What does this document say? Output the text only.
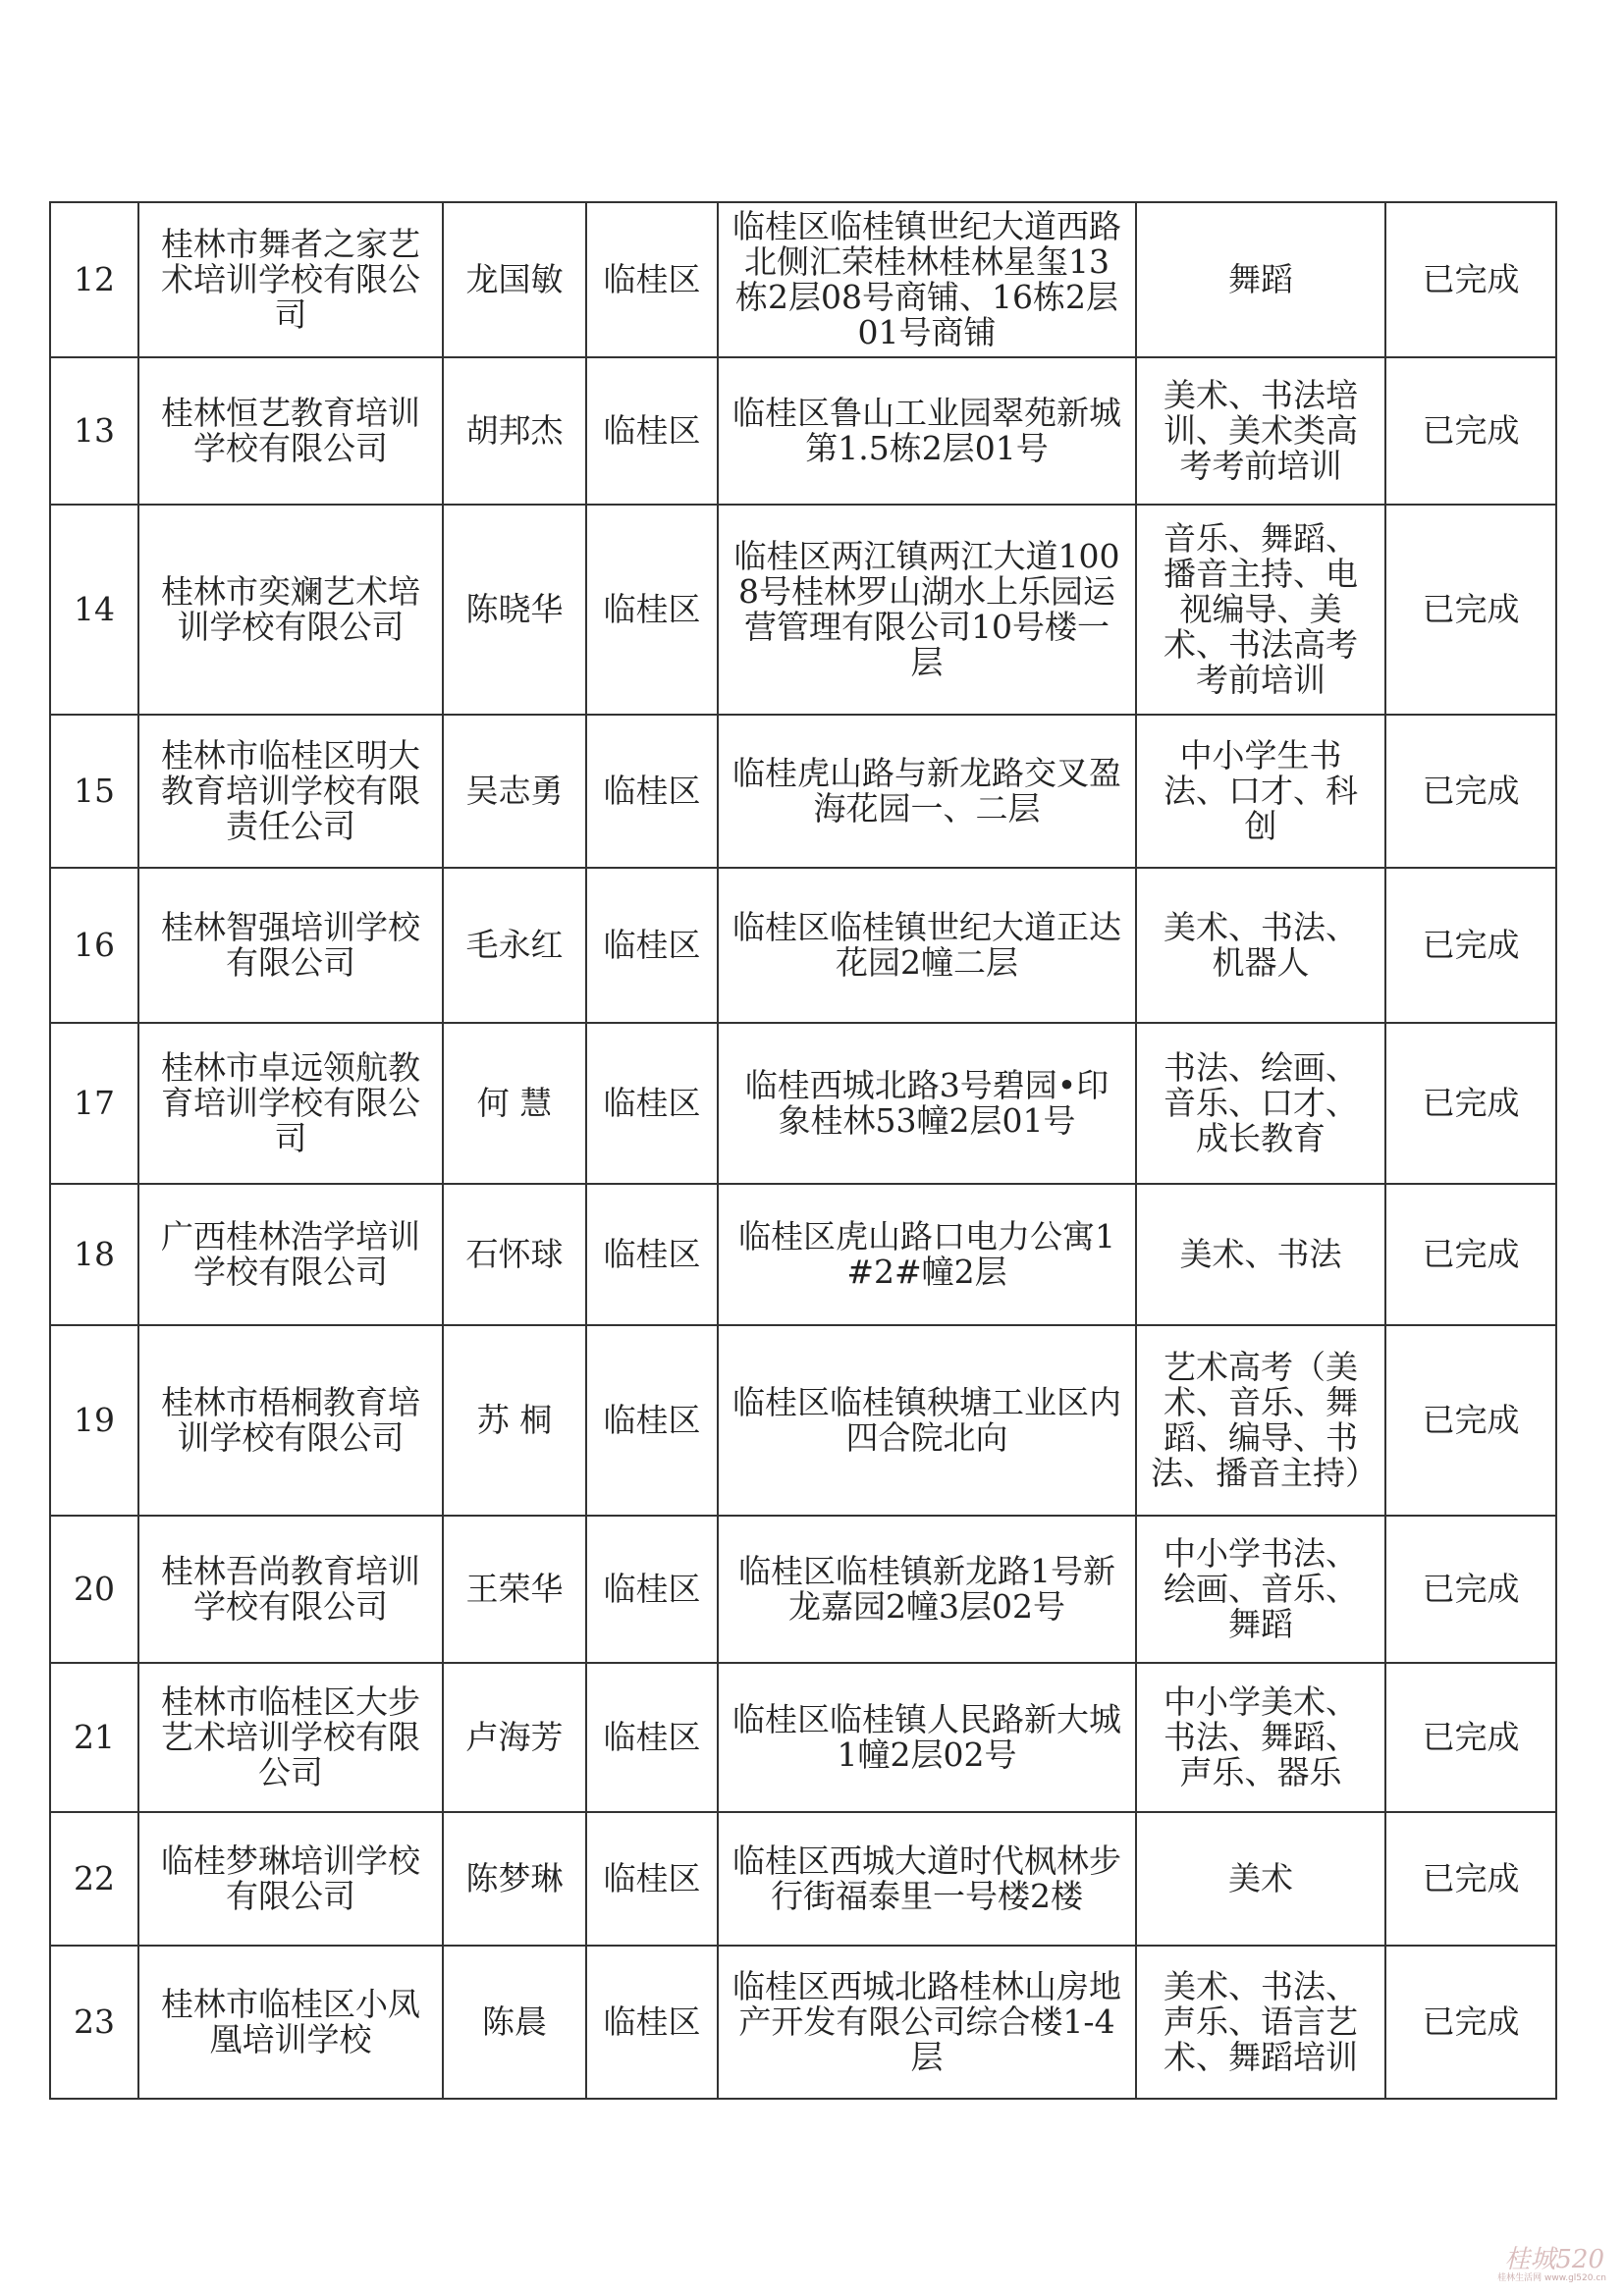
12	桂林市舞者之家艺术培训学校有限公司	龙国敏	临桂区	临桂区临桂镇世纪大道西路北侧汇荣桂林桂林星玺13栋2层08号商铺、16栋2层01号商铺	舞蹈	已完成
13	桂林恒艺教育培训学校有限公司	胡邦杰	临桂区	临桂区鲁山工业园翠苑新城第1.5栋2层01号	美术、书法培训、美术类高考考前培训	已完成
14	桂林市奕斓艺术培训学校有限公司	陈晓华	临桂区	临桂区两江镇两江大道1008号桂林罗山湖水上乐园运营管理有限公司10号楼一层	音乐、舞蹈、播音主持、电视编导、美术、书法高考考前培训	已完成
15	桂林市临桂区明大教育培训学校有限责任公司	吴志勇	临桂区	临桂虎山路与新龙路交叉盈海花园一、二层	中小学生书法、口才、科创	已完成
16	桂林智强培训学校有限公司	毛永红	临桂区	临桂区临桂镇世纪大道正达花园2幢二层	美术、书法、机器人	已完成
17	桂林市卓远领航教育培训学校有限公司	何 慧	临桂区	临桂西城北路3号碧园•印象桂林53幢2层01号	书法、绘画、音乐、口才、成长教育	已完成
18	广西桂林浩学培训学校有限公司	石怀球	临桂区	临桂区虎山路口电力公寓1#2#幢2层	美术、书法	已完成
19	桂林市梧桐教育培训学校有限公司	苏 桐	临桂区	临桂区临桂镇秧塘工业区内四合院北向	艺术高考（美术、音乐、舞蹈、编导、书法、播音主持）	已完成
20	桂林吾尚教育培训学校有限公司	王荣华	临桂区	临桂区临桂镇新龙路1号新龙嘉园2幢3层02号	中小学书法、绘画、音乐、舞蹈	已完成
21	桂林市临桂区大步艺术培训学校有限公司	卢海芳	临桂区	临桂区临桂镇人民路新大城1幢2层02号	中小学美术、书法、舞蹈、声乐、器乐	已完成
22	临桂梦琳培训学校有限公司	陈梦琳	临桂区	临桂区西城大道时代枫林步行街福泰里一号楼2楼	美术	已完成
23	桂林市临桂区小凤凰培训学校	陈晨	临桂区	临桂区西城北路桂林山房地产开发有限公司综合楼1-4层	美术、书法、声乐、语言艺术、舞蹈培训	已完成
桂城520
桂林生活网 www.gl520.cn
